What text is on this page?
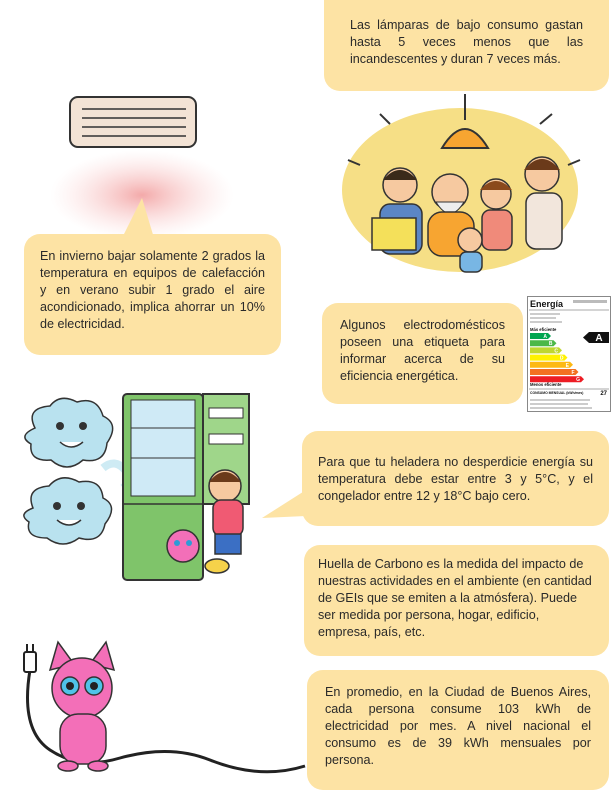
Energía
Más eficiente
A
B
C
D
E
F
G
A
Menos eficiente
CONSUMO MENSUAL (kWh/mes)	27

Las lámparas de bajo consumo gastan hasta 5 veces menos que las incandescentes y duran 7 veces más.

En invierno bajar solamente 2 grados la temperatura en equipos de calefacción y en verano subir 1 grado el aire acondicionado, implica ahorrar un 10% de electricidad.	Algunos electrodomésticos poseen una etiqueta para informar acerca de su eficiencia energética.

Para que tu heladera no desperdicie energía su temperatura debe estar entre 3 y 5°C, y el congelador entre 12 y 18°C bajo cero.

Huella de Carbono es la medida del impacto de nuestras actividades en el ambiente (en cantidad de GEIs que se emiten a la atmósfera). Puede ser medida por persona, hogar, edificio, empresa, país, etc.

En promedio, en la Ciudad de Buenos Aires, cada persona consume 103 kWh de electricidad por mes. A nivel nacional el consumo es de 39 kWh mensuales por persona.
